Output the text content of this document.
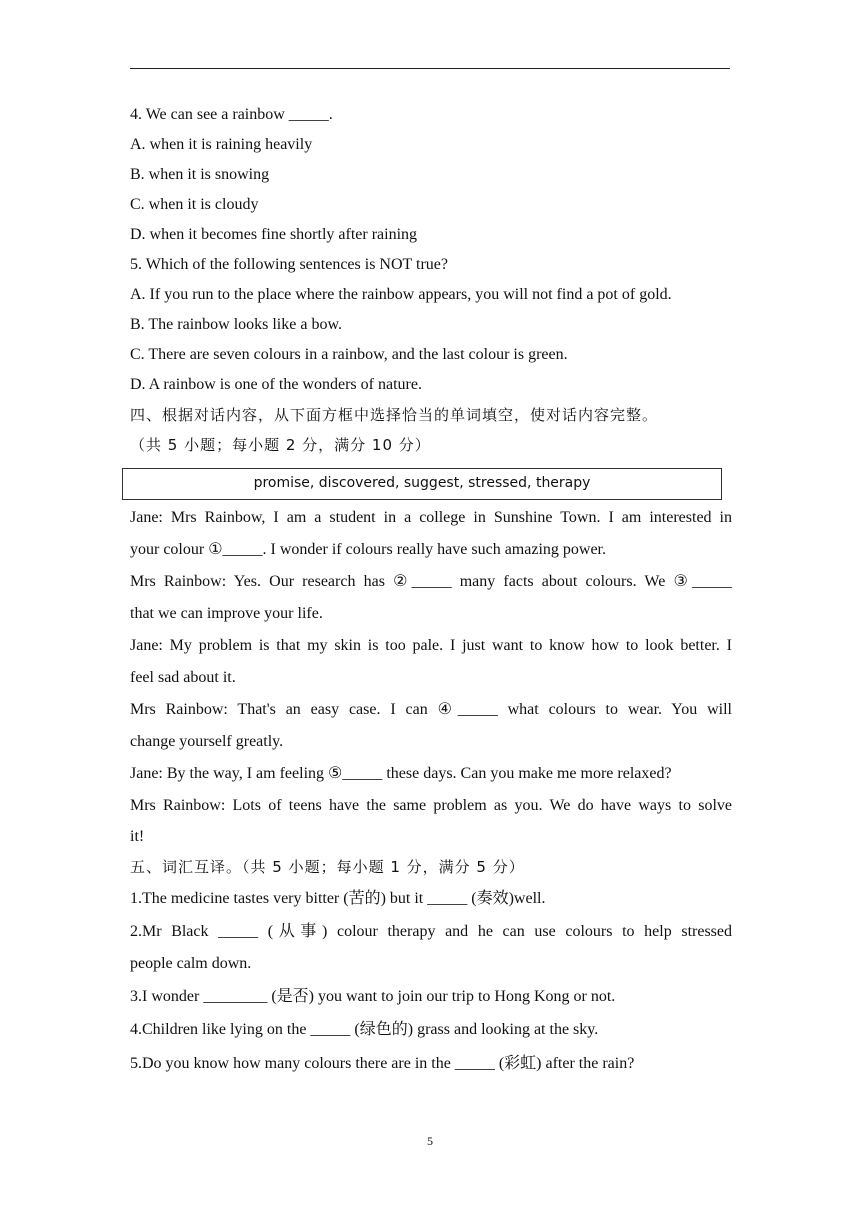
4. We can see a rainbow _____.
A. when it is raining heavily
B. when it is snowing
C. when it is cloudy
D. when it becomes fine shortly after raining
5. Which of the following sentences is NOT true?
A. If you run to the place where the rainbow appears, you will not find a pot of gold.
B. The rainbow looks like a bow.
C. There are seven colours in a rainbow, and the last colour is green.
D. A rainbow is one of the wonders of nature.
四、根据对话内容，从下面方框中选择恰当的单词填空，使对话内容完整。
（共 5 小题；每小题 2 分，满分 10 分）
promise, discovered, suggest, stressed, therapy
Jane: Mrs Rainbow, I am a student in a college in Sunshine Town. I am interested in
your colour ①_____. I wonder if colours really have such amazing power.
Mrs Rainbow: Yes. Our research has ②_____ many facts about colours. We ③_____
that we can improve your life.
Jane: My problem is that my skin is too pale. I just want to know how to look better. I
feel sad about it.
Mrs Rainbow: That's an easy case. I can ④_____ what colours to wear. You will
change yourself greatly.
Jane: By the way, I am feeling ⑤_____ these days. Can you make me more relaxed?
Mrs Rainbow: Lots of teens have the same problem as you. We do have ways to solve
it!
五、词汇互译。（共 5 小题；每小题 1 分，满分 5 分）
1.The medicine tastes very bitter (苦的) but it _____ (奏效)well.
2.Mr Black _____ (从事) colour therapy and he can use colours to help stressed
people calm down.
3.I wonder ________ (是否) you want to join our trip to Hong Kong or not.
4.Children like lying on the _____ (绿色的) grass and looking at the sky.
5.Do you know how many colours there are in the _____ (彩虹) after the rain?
5
